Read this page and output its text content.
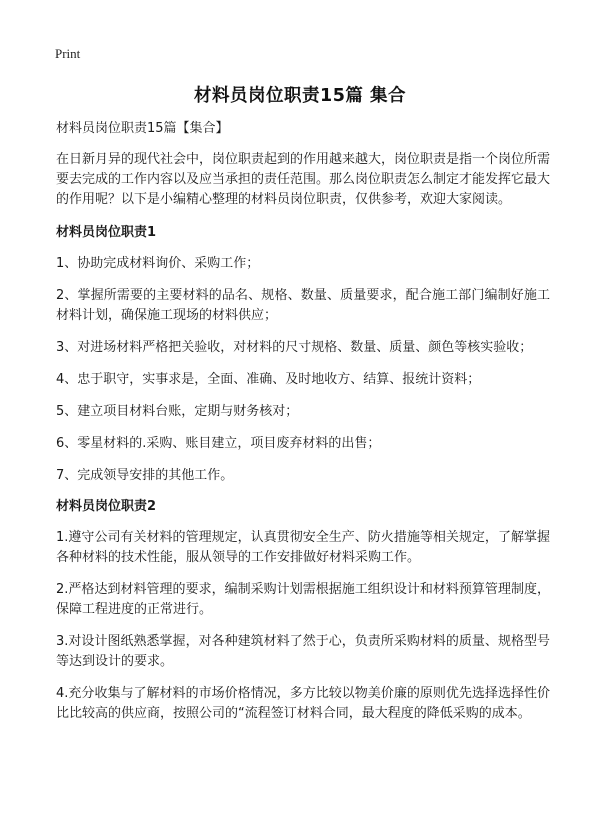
Print
材料员岗位职责15篇 集合

材料员岗位职责15篇【集合】

在日新月异的现代社会中，岗位职责起到的作用越来越大，岗位职责是指一个岗位所需要去完成的工作内容以及应当承担的责任范围。那么岗位职责怎么制定才能发挥它最大的作用呢？以下是小编精心整理的材料员岗位职责，仅供参考，欢迎大家阅读。

材料员岗位职责1

1、协助完成材料询价、采购工作；

2、掌握所需要的主要材料的品名、规格、数量、质量要求，配合施工部门编制好施工材料计划，确保施工现场的材料供应；

3、对进场材料严格把关验收，对材料的尺寸规格、数量、质量、颜色等核实验收；

4、忠于职守，实事求是，全面、准确、及时地收方、结算、报统计资料；

5、建立项目材料台账，定期与财务核对；

6、零星材料的.采购、账目建立，项目废弃材料的出售；

7、完成领导安排的其他工作。

材料员岗位职责2

1.遵守公司有关材料的管理规定，认真贯彻安全生产、防火措施等相关规定，了解掌握各种材料的技术性能，服从领导的工作安排做好材料采购工作。

2.严格达到材料管理的要求，编制采购计划需根据施工组织设计和材料预算管理制度，保障工程进度的正常进行。

3.对设计图纸熟悉掌握，对各种建筑材料了然于心，负责所采购材料的质量、规格型号等达到设计的要求。

4.充分收集与了解材料的市场价格情况，多方比较以物美价廉的原则优先选择选择性价比比较高的供应商，按照公司的“流程签订材料合同，最大程度的降低采购的成本。
